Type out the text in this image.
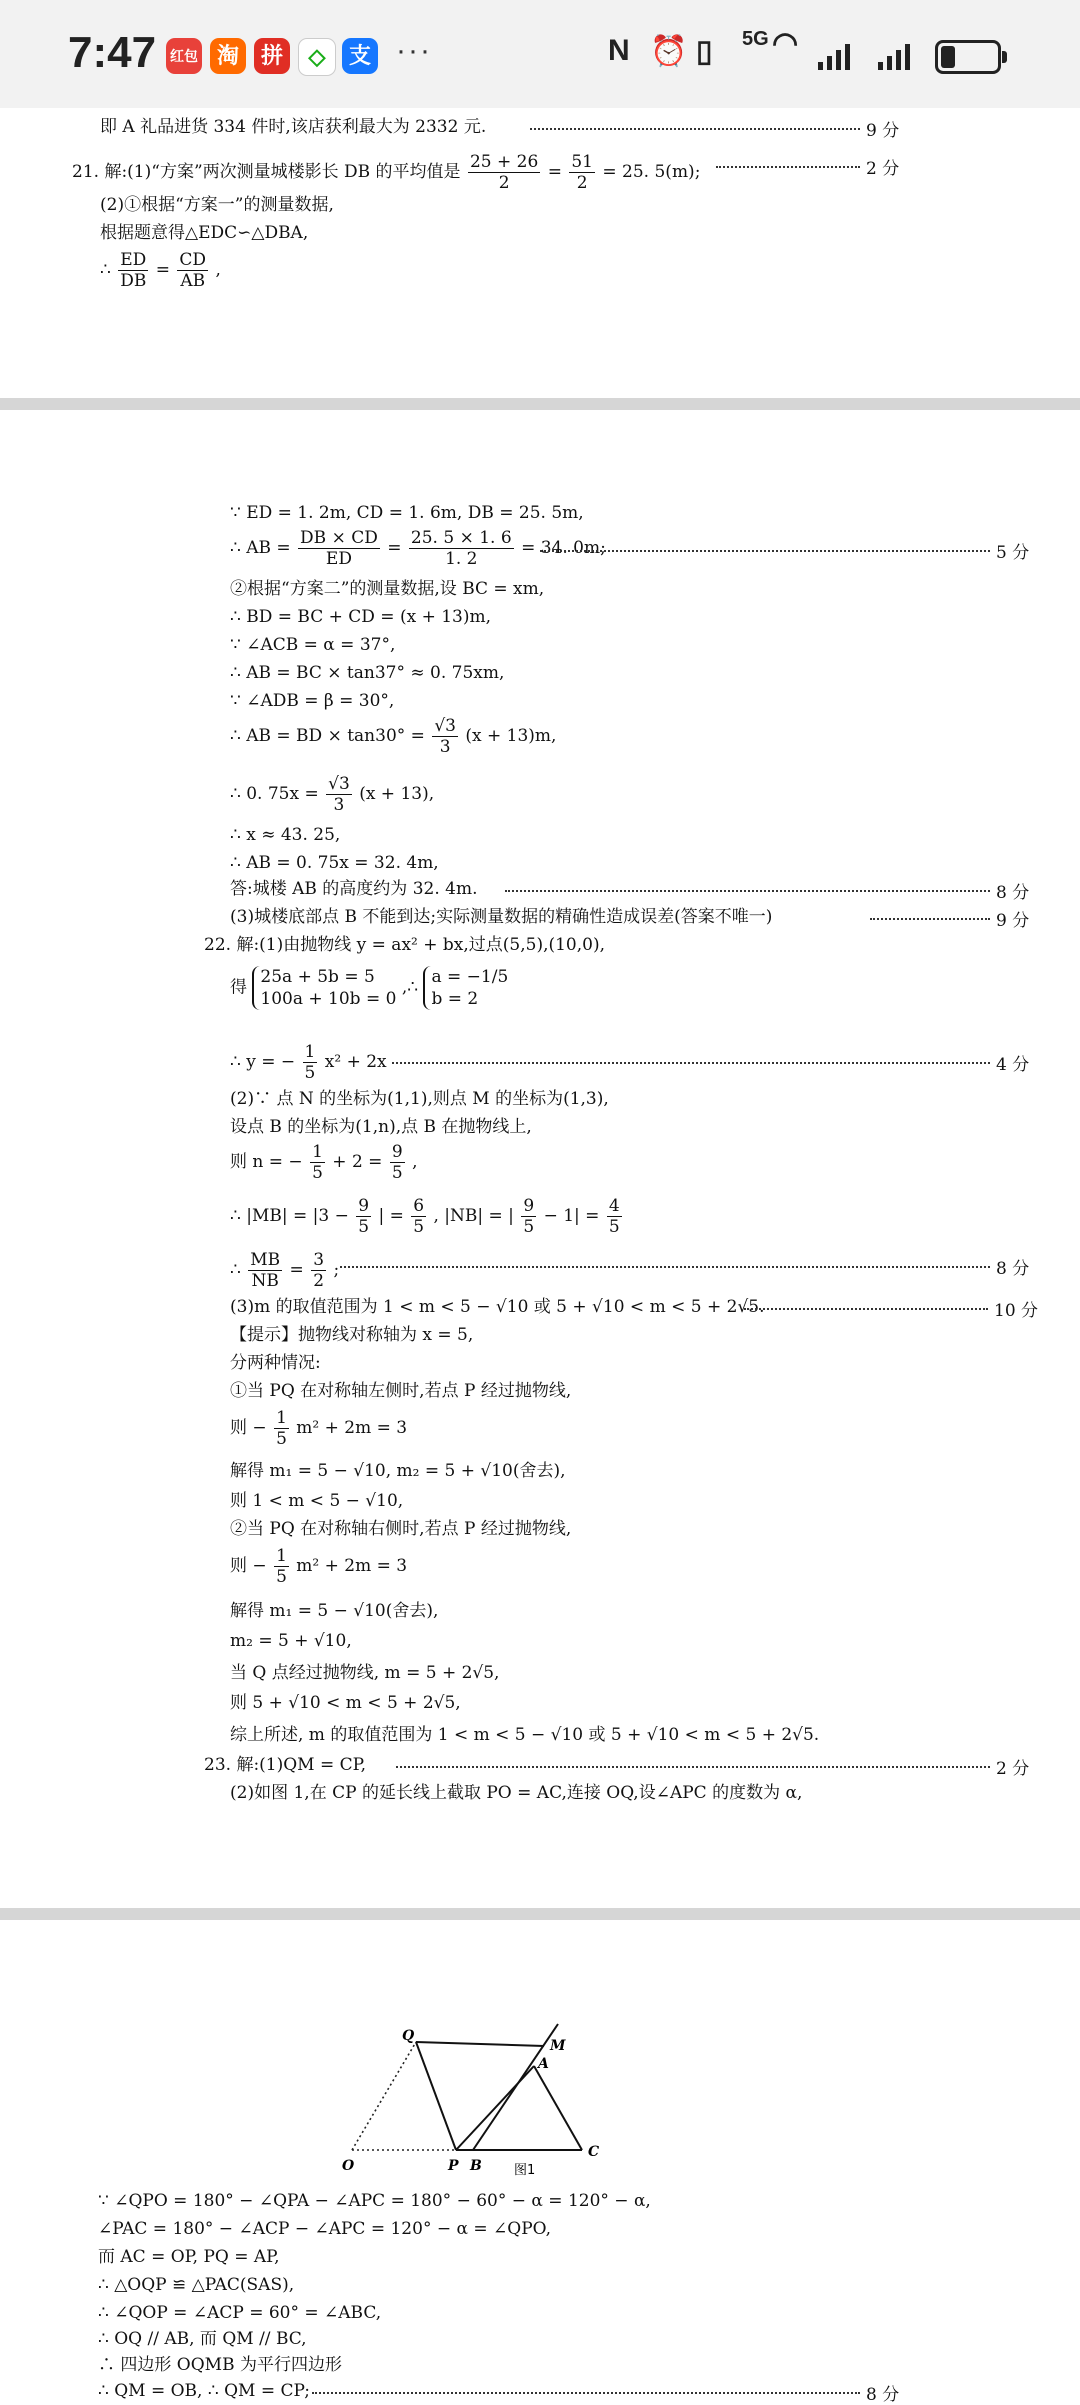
7:47 红包 淘 拼	◇	支 ···	N ⏰ ▯ 5G ◠
即 A 礼品进货 334 件时,该店获利最大为 2332 元.	9 分
21. 解:(1)“方案”两次测量城楼影长 DB 的平均值是 $\frac{25 + 26}{2} = \frac{51}{2} = 25$. 5(m);	2 分
(2)①根据“方案一”的测量数据,
根据题意得△EDC∽△DBA,
∴ $\frac{ED}{DB} = \frac{CD}{AB}$ ,
∵ ED = 1. 2m, CD = 1. 6m, DB = 25. 5m,
∴ AB = $\frac{DB \times CD}{ED} = \frac{25. 5 \times 1. 6}{1. 2} = 34$. 0m;	5 分
②根据“方案二”的测量数据,设 BC = xm,
∴ BD = BC + CD = (x + 13)m,
∵ ∠ACB = α = 37°,
∴ AB = BC × tan37° ≈ 0. 75xm,
∵ ∠ADB = β = 30°,
∴ AB = BD × $\tan 30^\circ = \frac{√3}{3} (x + 13)m$,
∴ 0. $75x = \frac{√3}{3} (x + 13)$,
∴ x ≈ 43. 25,
∴ AB = 0. 75x = 32. 4m,
答:城楼 AB 的高度约为 32. 4m.	8 分
(3)城楼底部点 B 不能到达;实际测量数据的精确性造成误差(答案不唯一)	9 分
22. 解:(1)由抛物线 y = ax² + bx,过点(5,5),(10,0),
得
25a + 5b = 5
100a + 10b = 0
,∴
a = −1/5
b = 2
∴ y = − $\frac{1}{5} x^2 + 2x$	4 分
(2)∵ 点 N 的坐标为(1,1),则点 M 的坐标为(1,3),
设点 B 的坐标为(1,n),点 B 在抛物线上,
则 n = − $\frac{1}{5} + 2 = \frac{9}{5}$ ,
∴ $|MB| = |3 - \frac{9}{5}$ | = $\frac{6}{5}$ , |NB| = | $\frac{9}{5} - 1| = \frac{4}{5}$
∴ $\frac{MB}{NB} = \frac{3}{2}$ ;	8 分
(3)m 的取值范围为 1 < m < 5 − √10 或 5 + √10 < m < 5 + 2√5.	10 分
【提示】抛物线对称轴为 x = 5,
分两种情况:
①当 PQ 在对称轴左侧时,若点 P 经过抛物线,
则 − $\frac{1}{5} m^2 + 2m = 3$
解得 m₁ = 5 − √10, m₂ = 5 + √10(舍去),
则 1 < m < 5 − √10,
②当 PQ 在对称轴右侧时,若点 P 经过抛物线,
则 − $\frac{1}{5} m^2 + 2m = 3$
解得 m₁ = 5 − √10(舍去),
m₂ = 5 + √10,
当 Q 点经过抛物线, m = 5 + 2√5,
则 5 + √10 < m < 5 + 2√5,
综上所述, m 的取值范围为 1 < m < 5 − √10 或 5 + √10 < m < 5 + 2√5.
23. 解:(1)QM = CP,	2 分
(2)如图 1,在 CP 的延长线上截取 PO = AC,连接 OQ,设∠APC 的度数为 α,
Q
M
A
O	P B
C
图1
∵ ∠QPO = 180° − ∠QPA − ∠APC = 180° − 60° − α = 120° − α,
∠PAC = 180° − ∠ACP − ∠APC = 120° − α = ∠QPO,
而 AC = OP, PQ = AP,
∴ △OQP ≌ △PAC(SAS),
∴ ∠QOP = ∠ACP = 60° = ∠ABC,
∴ OQ // AB, 而 QM // BC,
∴ 四边形 OQMB 为平行四边形
∴ QM = OB, ∴ QM = CP;	8 分
